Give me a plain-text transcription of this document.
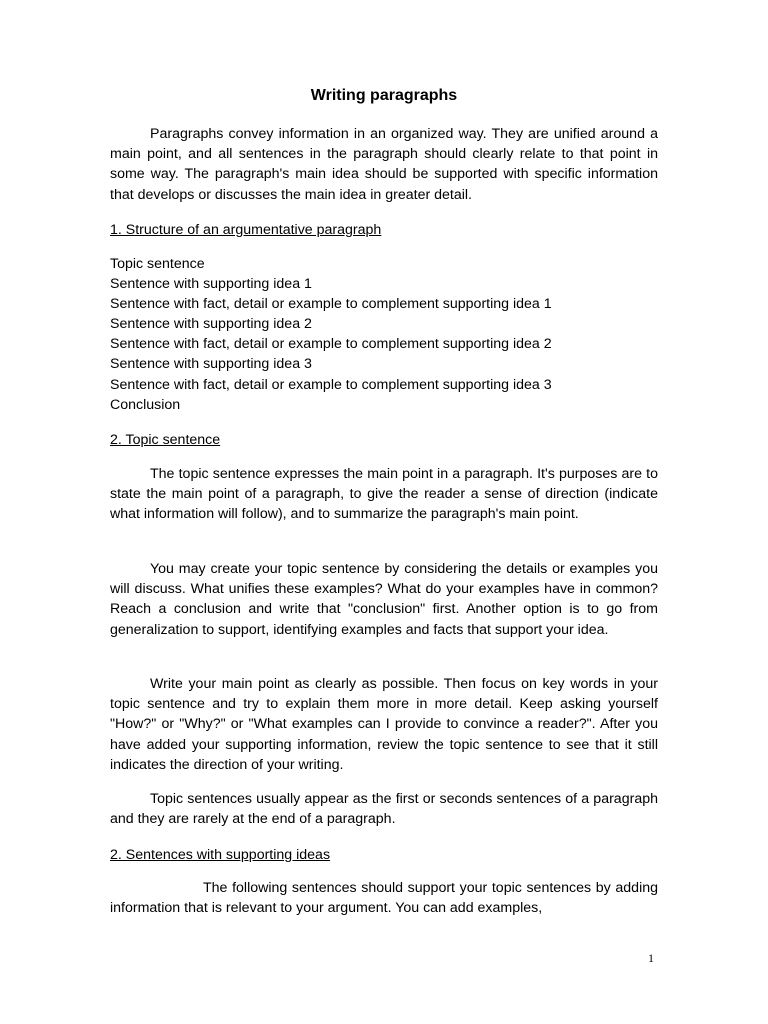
Writing paragraphs

Paragraphs convey information in an organized way. They are unified around a main point, and all sentences in the paragraph should clearly relate to that point in some way. The paragraph's main idea should be supported with specific information that develops or discusses the main idea in greater detail.

1. Structure of an argumentative paragraph

Topic sentence
Sentence with supporting idea 1
Sentence with fact, detail or example to complement supporting idea 1
Sentence with supporting idea 2
Sentence with fact, detail or example to complement supporting idea 2
Sentence with supporting idea 3
Sentence with fact, detail or example to complement supporting idea 3
Conclusion

2. Topic sentence

The topic sentence expresses the main point in a paragraph. It's purposes are to state the main point of a paragraph, to give the reader a sense of direction (indicate what information will follow), and to summarize the paragraph's main point.

You may create your topic sentence by considering the details or examples you will discuss. What unifies these examples? What do your examples have in common? Reach a conclusion and write that "conclusion" first. Another option is to go from generalization to support, identifying examples and facts that support your idea.

Write your main point as clearly as possible. Then focus on key words in your topic sentence and try to explain them more in more detail. Keep asking yourself "How?" or "Why?" or "What examples can I provide to convince a reader?". After you have added your supporting information, review the topic sentence to see that it still indicates the direction of your writing.

Topic sentences usually appear as the first or seconds sentences of a paragraph and they are rarely at the end of a paragraph.

2. Sentences with supporting ideas

The following sentences should support your topic sentences by adding information that is relevant to your argument. You can add examples,

1
